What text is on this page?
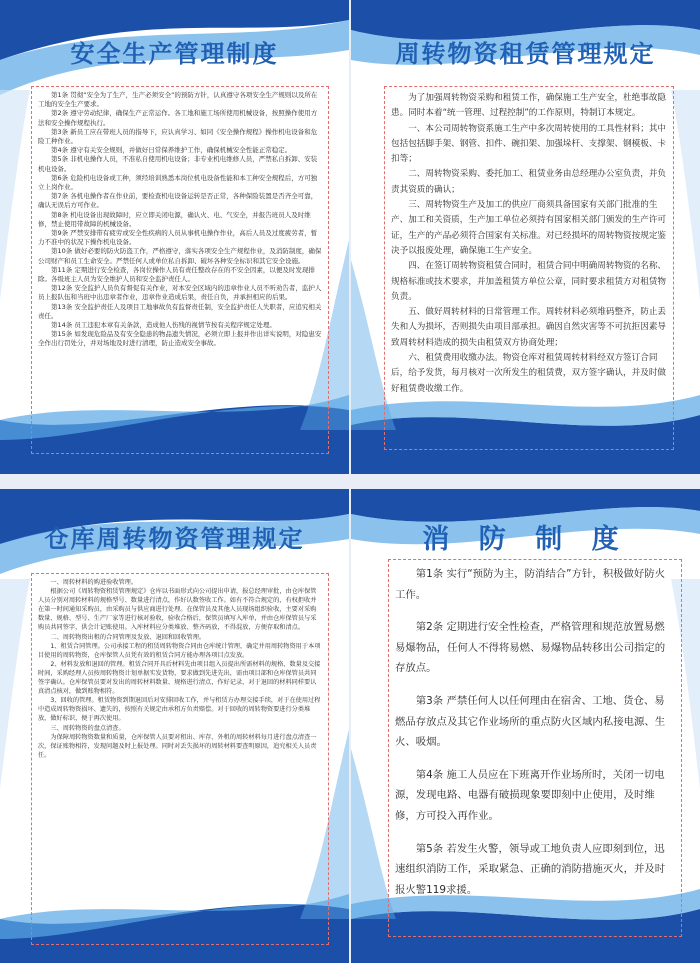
安全生产管理制度

第1条 贯彻“安全为了生产，生产必须安全”的预防方针，认真遵守各项安全生产规则以及所在工地的安全生产要求。

第2条 遵守劳动纪律，确保生产正常运作。各工地和施工场所使用机械设备，按照操作使用方法和安全操作规程执行。

第3条 新员工应在带班人员的指导下，应认真学习、如同《安全操作规程》操作机电设备和危险工种作业。

第4条 遵守有关安全规则，并做好日常保养维护工作，确保机械安全性能正常稳定。

第5条 非机电操作人员，不准私自使用机电设备；非专业机电维修人员，严禁私自拆卸、安装机电设备。

第6条 危险机电设备或工种，须经培训熟悉本岗位机电设备性能和本工种安全规程后，方可独立上岗作业。

第7条 各机电操作者在作业前，要检查机电设备运转是否正常，各种保险装置是否齐全可靠，确认无误后方可作业。

第8条 机电设备出现故障时，应立即关闭电源，确认火、电、气安全，并报告班员人及时维修，禁止使用带故障的机械设备。

第9条 严禁安排带有疲劳或安全性疾病的人员从事机电操作作业，高后人员及过度疲劳者，暂力不准中的状况下操作机电设备。

第10条 做好必要的防火防盗工作，严格遵守，落实各项安全生产规程作业，及消防制度，确保公司财产和员工生命安全。严禁任何人或单位私自拆卸、破坏各种安全标识和其它安全设施。

第11条 定期进行安全检查，各岗位操作人员有责任整改存在的不安全因素，以便及时发现排除。各级班主人员为安全维护人员和安全监护责任人。

第12条 安全监护人员负有督促有关作业，对本安全区域内的违章作业人员不听劝告者，监护人员上报队伍和当班中出违章者作业，违章作业造成后果，责任自负，并承担相应的后果。

第13条 安全监护责任人及项目工地事故负有监督责任制，安全监护责任人失职者，应追究相关责任。

第14条 员工违犯本章有关条款，造成他人伤残的视情节按有关程序规定处理。

第15条 如发现危险品及有安全隐患的物品遗失情况，必须立即上报并作出详实说明，对隐患安全作出行罚处分，并对场地及时进行清理，防止造成安全事故。

周转物资租赁管理规定

为了加强周转物资采购和租赁工作，确保施工生产安全，杜绝事故隐患。同时本着“统一管理、过程控制”的工作原则，特制订本规定。

一、本公司周转物资系施工生产中多次周转使用的工具性材料；其中包括包括脚手架、钢管、扣件、碗扣架、加强垛杆、支撑架、钢模板、卡扣等；

二、周转物资采购、委托加工、租赁业务由总经理办公室负责，并负责其资质的确认；

三、周转物资生产及加工的供应厂商须具备国家有关部门批准的生产、加工和关资质，生产加工单位必须持有国家相关部门颁发的生产许可证，生产的产品必须符合国家有关标准。对已经损坏的周转物资按规定鉴决予以报废处理，确保施工生产安全。

四、在签订周转物资租赁合同时，租赁合同中明确周转物资的名称、规格标准或技术要求，并加盖租赁方单位公章，同时要求租赁方对租赁物负责。

五、做好周转材料的日常管理工作。周转材料必须堆码整齐，防止丢失和人为损坏，否则损失由项目部承担。确因自然灾害等不可抗拒因素导致周转材料造成的损失由租赁双方协商处理；

六、租赁费用收缴办法。物资仓库对租赁周转材料经双方签订合同后，给予发货，每月核对一次所发生的租赁费，双方签字确认，并及时做好租赁费收缴工作。

仓库周转物资管理规定

一、周转材料的购进验收管理。

根据公司《周转物资租赁管理规定》仓库以书面形式向公司提出申请，报总经理审批，由仓库保管人员分别对周转材料的规格型号、数量进行清点，作好认数签收工作。如有不符合规定的，有权拒收并在第一时间通知采购员，由采购员与供应商进行处理。在保管员及其他人员现场组织验收，主要对采购数量、规格、型号、生产厂家等进行核对验收，验收合格后，保管员填写入库单，并由仓库保管员与采购员共同签字，供会计记账使用。入库材料应分类堆放、整齐码放，不得混放，方便存取和清点。

二、周转物资出租的合同管理及发放、退回和回收管理。

1、租赁合同管理。公司承接工程的租赁周转物资合同由仓库统计管理，确定并用周转物资用于本项目使用的周转物资，仓库保管人员凭有效的租赁合同方能办理各项目点发放。

2、材料发放和退回的管理。租赁合同开具后材料先由项目组入员提出所需材料的规格、数量及交接时间，采购经理人员按周转物资计划单据实发货物，要求做到先进先出，需由项目部和仓库保管员共同签字确认。仓库保管员要对发出的周转材料数量、规格进行清点，作好记录，对于退回的材料同样要认真清点核对，做到账物相符。

3、回收的管理。租赁物资到期退回后对安排回收工作，并与租赁方办理交接手续，对于在使用过程中造成周转物资损坏、遗失的，按照有关规定由承租方负责赔偿。对于回收的周转物资要进行分类堆放，做好标识，便于再次使用。

三、周转物资的盘点清查。

为保障周转物资数量和质量，仓库保管人员要对租出、库存、外租的周转材料每月进行盘点清查一次，保证账物相符，发现问题及时上报处理。同时对丢失损坏的周转材料要查明原因，追究相关人员责任。

消 防 制 度

第1条 实行“预防为主，防消结合”方针，积极做好防火工作。

第2条 定期进行安全性检查，严格管理和规范放置易燃易爆物品，任何人不得将易燃、易爆物品转移出公司指定的存放点。

第3条 严禁任何人以任何理由在宿舍、工地、货仓、易燃品存放点及其它作业场所的重点防火区域内私接电源、生火、吸烟。

第4条 施工人员应在下班离开作业场所时，关闭一切电源，发现电路、电器有破损现象要即刻中止使用，及时维修，方可投入再作业。

第5条 若发生火警，领导或工地负责人应即刻到位，迅速组织消防工作，采取紧急、正确的消防措施灭火，并及时报火警119求援。
